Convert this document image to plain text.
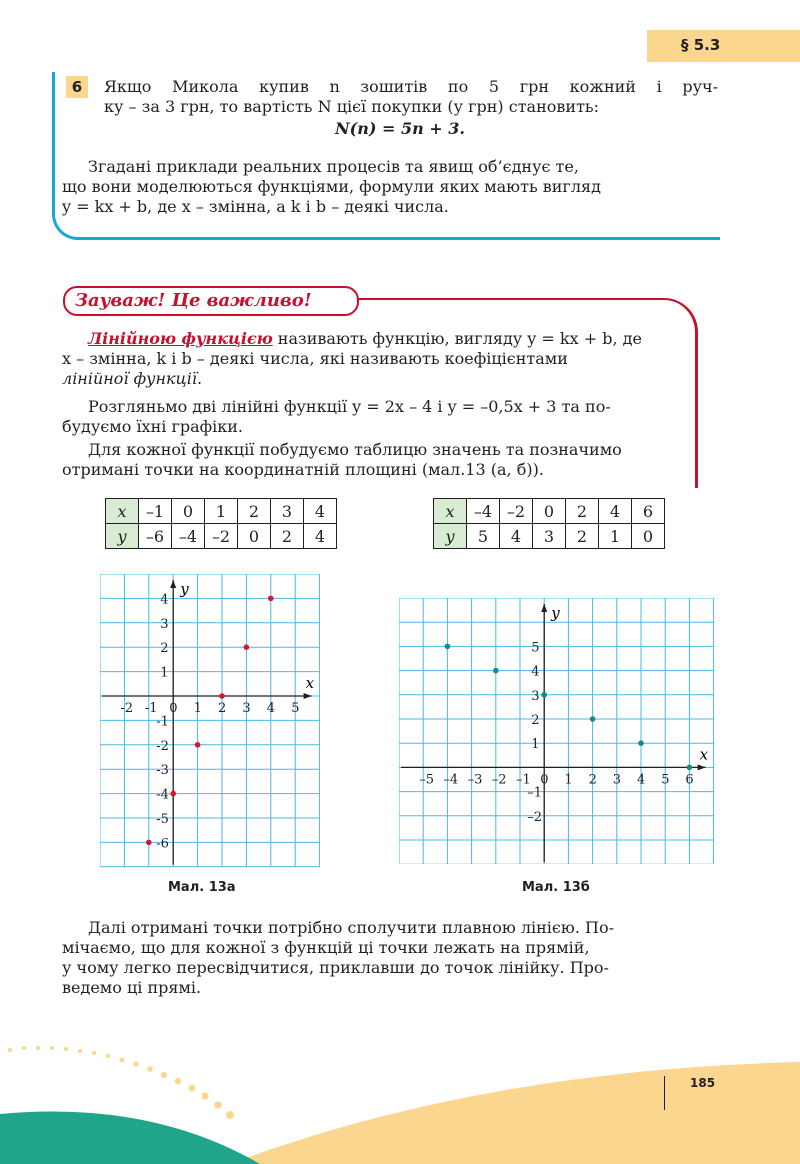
§ 5.3
6	Якщо Микола купив n зошитів по 5 грн кожний і руч-
ку – за 3 грн, то вартість N цієї покупки (у грн) становить:
N(n) = 5n + 3.
Згадані приклади реальних процесів та явищ об’єднує те,
що вони моделюються функціями, формули яких мають вигляд
y = kx + b, де x – змінна, а k і b – деякі числа.
Зауваж! Це важливо!
Лінійною функцією називають функцію, вигляду y = kx + b, де
x – змінна, k і b – деякі числа, які називають коефіцієнтами
лінійної функції.
Розгляньмо дві лінійні функції y = 2x – 4 і y = –0,5x + 3 та по-
будуємо їхні графіки.
Для кожної функції побудуємо таблицю значень та позначимо
отримані точки на координатній площині (мал.13 (а, б)).
x	–1	0	1	2	3	4
y	–6	–4	–2	0	2	4
x	–4	–2	0	2	4	6
y	5	4	3	2	1	0
x
y
-2 -1 0 1 2 3 4 5
4
3
2
1
-1
-2
-3
-4
-5
-6
x
y
–5 –4 –3 –2 –1 0 1 2 3 4 5 6
5
4
3
2
1
–1
–2
Мал. 13а	Мал. 13б
Далі отримані точки потрібно сполучити плавною лінією. По-
мічаємо, що для кожної з функцій ці точки лежать на прямій,
у чому легко пересвідчитися, приклавши до точок лінійку. Про-
ведемо ці прямі.
185
